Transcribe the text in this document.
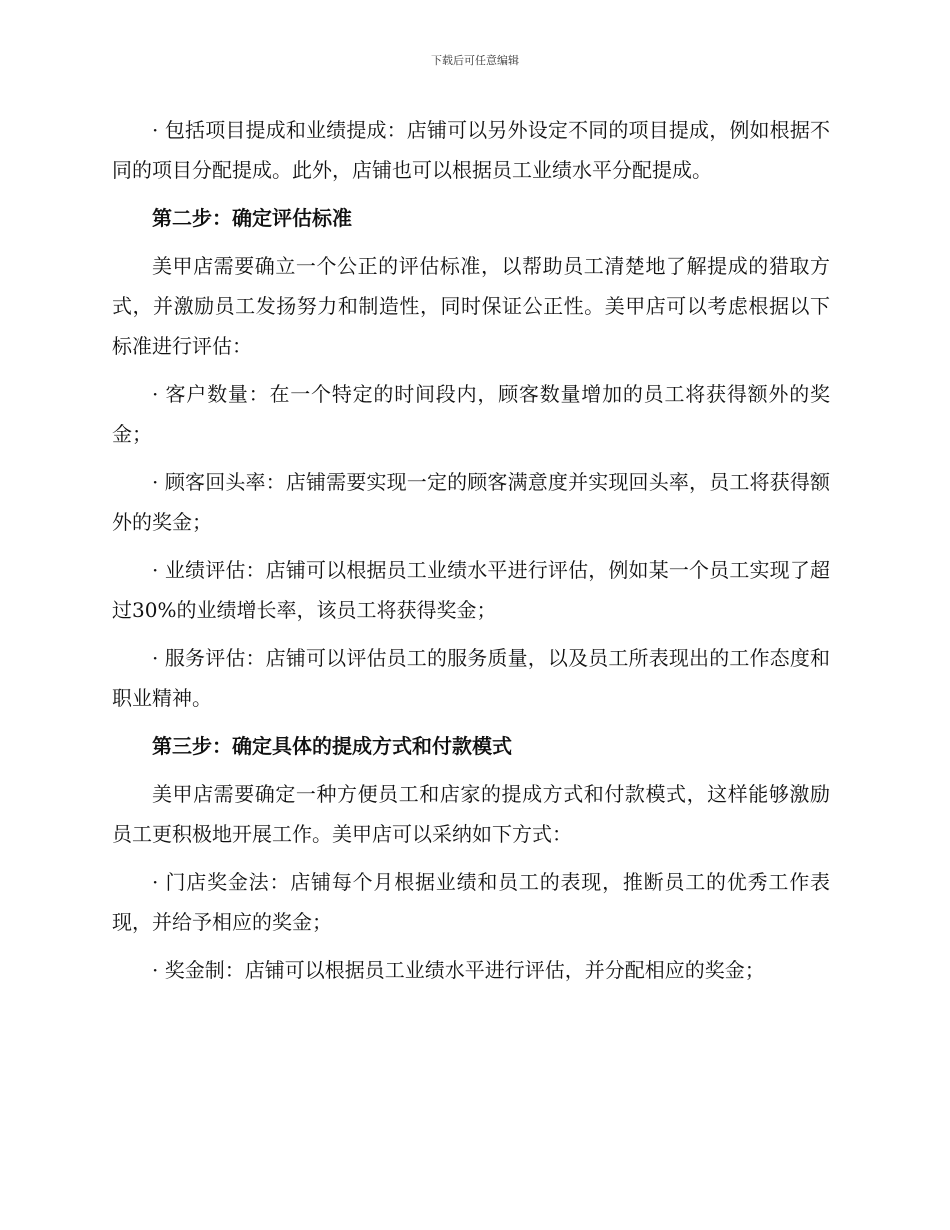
下载后可任意编辑

· 包括项目提成和业绩提成：店铺可以另外设定不同的项目提成，例如根据不同的项目分配提成。此外，店铺也可以根据员工业绩水平分配提成。

第二步：确定评估标准

美甲店需要确立一个公正的评估标准，以帮助员工清楚地了解提成的猎取方式，并激励员工发扬努力和制造性，同时保证公正性。美甲店可以考虑根据以下标准进行评估：

· 客户数量：在一个特定的时间段内，顾客数量增加的员工将获得额外的奖金；

· 顾客回头率：店铺需要实现一定的顾客满意度并实现回头率，员工将获得额外的奖金；

· 业绩评估：店铺可以根据员工业绩水平进行评估，例如某一个员工实现了超过30%的业绩增长率，该员工将获得奖金；

· 服务评估：店铺可以评估员工的服务质量，以及员工所表现出的工作态度和职业精神。

第三步：确定具体的提成方式和付款模式

美甲店需要确定一种方便员工和店家的提成方式和付款模式，这样能够激励员工更积极地开展工作。美甲店可以采纳如下方式：

· 门店奖金法：店铺每个月根据业绩和员工的表现，推断员工的优秀工作表现，并给予相应的奖金；

· 奖金制：店铺可以根据员工业绩水平进行评估，并分配相应的奖金；
